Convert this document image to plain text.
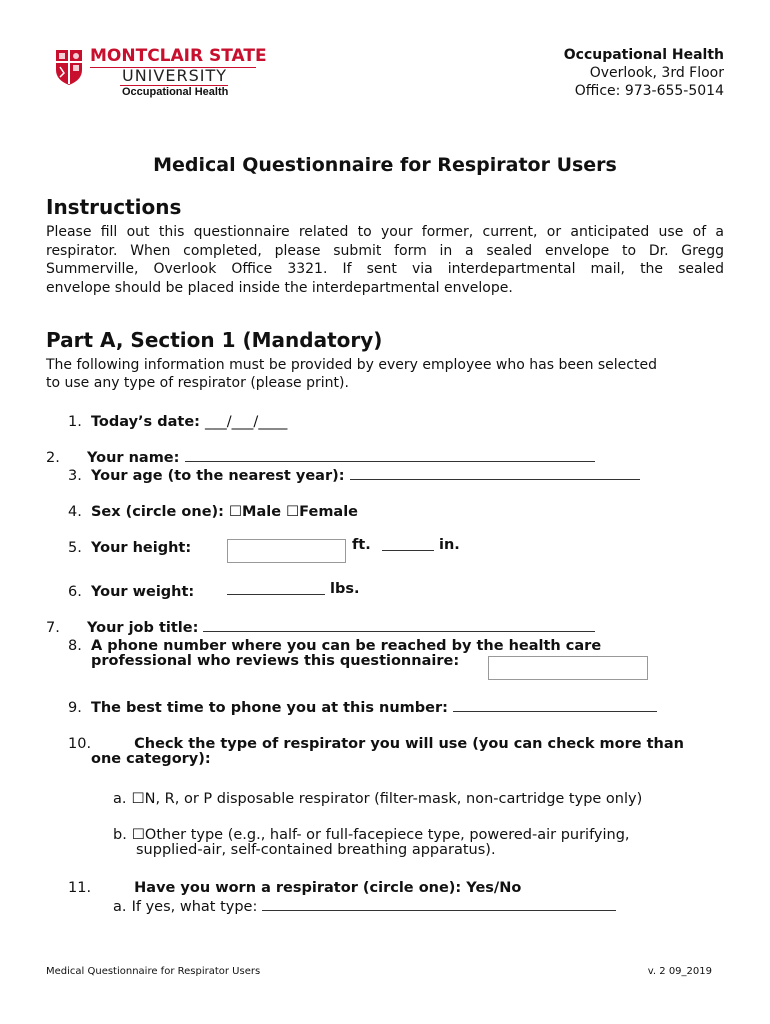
MONTCLAIR STATE
UNIVERSITY
Occupational Health
Occupational Health
Overlook, 3rd Floor
Office: 973-655-5014
Medical Questionnaire for Respirator Users
Instructions
Please fill out this questionnaire related to your former, current, or anticipated use of a
respirator. When completed, please submit form in a sealed envelope to Dr. Gregg
Summerville, Overlook Office 3321. If sent via interdepartmental mail, the sealed
envelope should be placed inside the interdepartmental envelope.
Part A, Section 1 (Mandatory)
The following information must be provided by every employee who has been selected
to use any type of respirator (please print).
1. Today’s date: ___/___/____
2. Your name:
3. Your age (to the nearest year):
4. Sex (circle one): ☐Male ☐Female
5. Your height:	ft.	in.
6. Your weight:	lbs.
7. Your job title:
8. A phone number where you can be reached by the health care
professional who reviews this questionnaire:
9. The best time to phone you at this number:
10.	Check the type of respirator you will use (you can check more than
one category):
a. ☐N, R, or P disposable respirator (filter-mask, non-cartridge type only)
b. ☐Other type (e.g., half- or full-facepiece type, powered-air purifying,
supplied-air, self-contained breathing apparatus).
11.	Have you worn a respirator (circle one): Yes/No
a. If yes, what type:
Medical Questionnaire for Respirator Users	v. 2 09_2019
